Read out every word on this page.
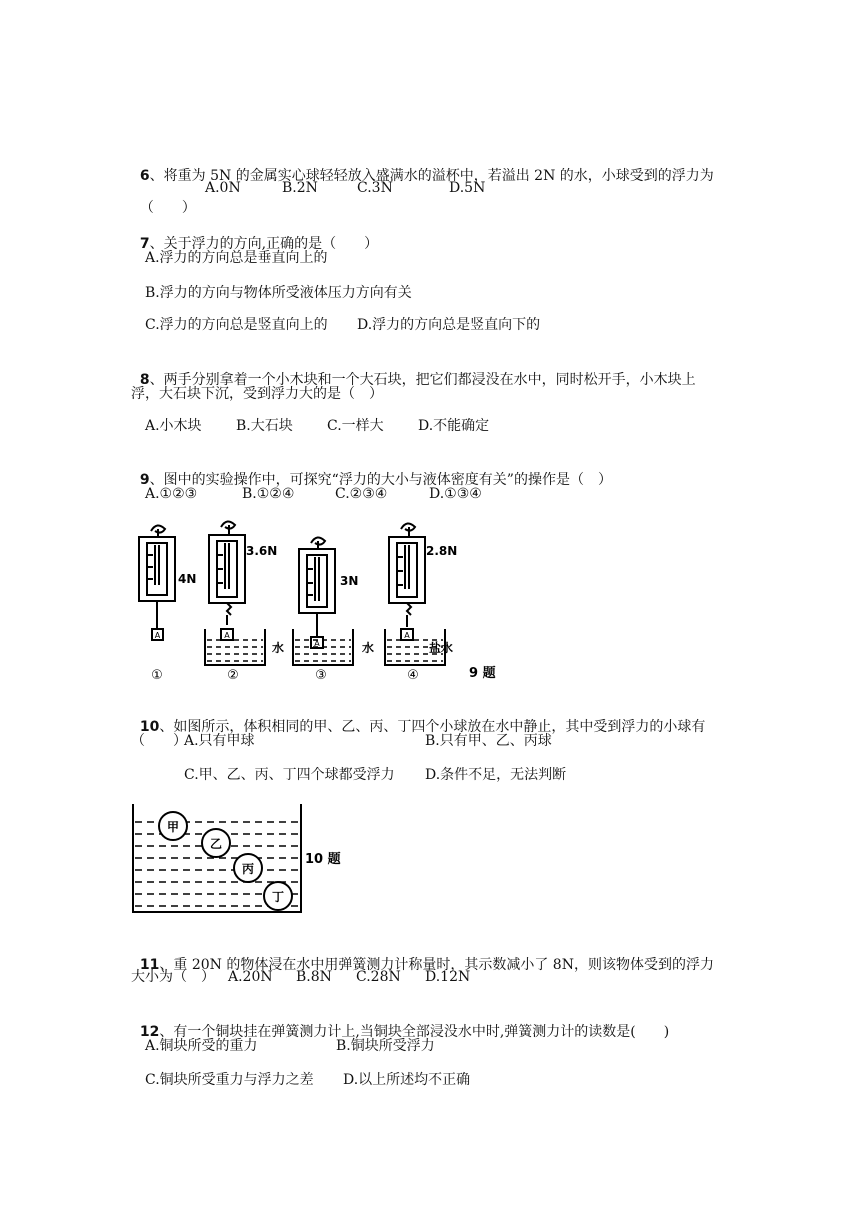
6、将重为 5N 的金属实心球轻轻放入盛满水的溢杯中，若溢出 2N 的水，小球受到的浮力为

（　　）

A.0N	B.2N	C.3N	D.5N

7、关于浮力的方向,正确的是（　　）

A.浮力的方向总是垂直向上的
B.浮力的方向与物体所受液体压力方向有关
C.浮力的方向总是竖直向上的 D.浮力的方向总是竖直向下的

8、两手分别拿着一个小木块和一个大石块，把它们都浸没在水中，同时松开手，小木块上

浮，大石块下沉，受到浮力大的是（　）
A.小木块 B.大石块 C.一样大 D.不能确定

9、图中的实验操作中，可探究“浮力的大小与液体密度有关”的操作是（　）

A.①②③	B.①②④	C.②③④	D.①③④
A	A
A
A
4N
3.6N
3N
2.8N
水	水	盐水
①	②	③	④	9 题

10、如图所示，体积相同的甲、乙、丙、丁四个小球放在水中静止，其中受到浮力的小球有

（　　）
A.只有甲球	B.只有甲、乙、丙球
C.甲、乙、丙、丁四个球都受浮力 D.条件不足，无法判断
甲
乙
丙
丁
10 题

11、重 20N 的物体浸在水中用弹簧测力计称量时，其示数减小了 8N，则该物体受到的浮力

大小为（　） A.20N B.8N C.28N D.12N

12、有一个铜块挂在弹簧测力计上,当铜块全部浸没水中时,弹簧测力计的读数是(　　)

A.铜块所受的重力	B.铜块所受浮力
C.铜块所受重力与浮力之差 D.以上所述均不正确
